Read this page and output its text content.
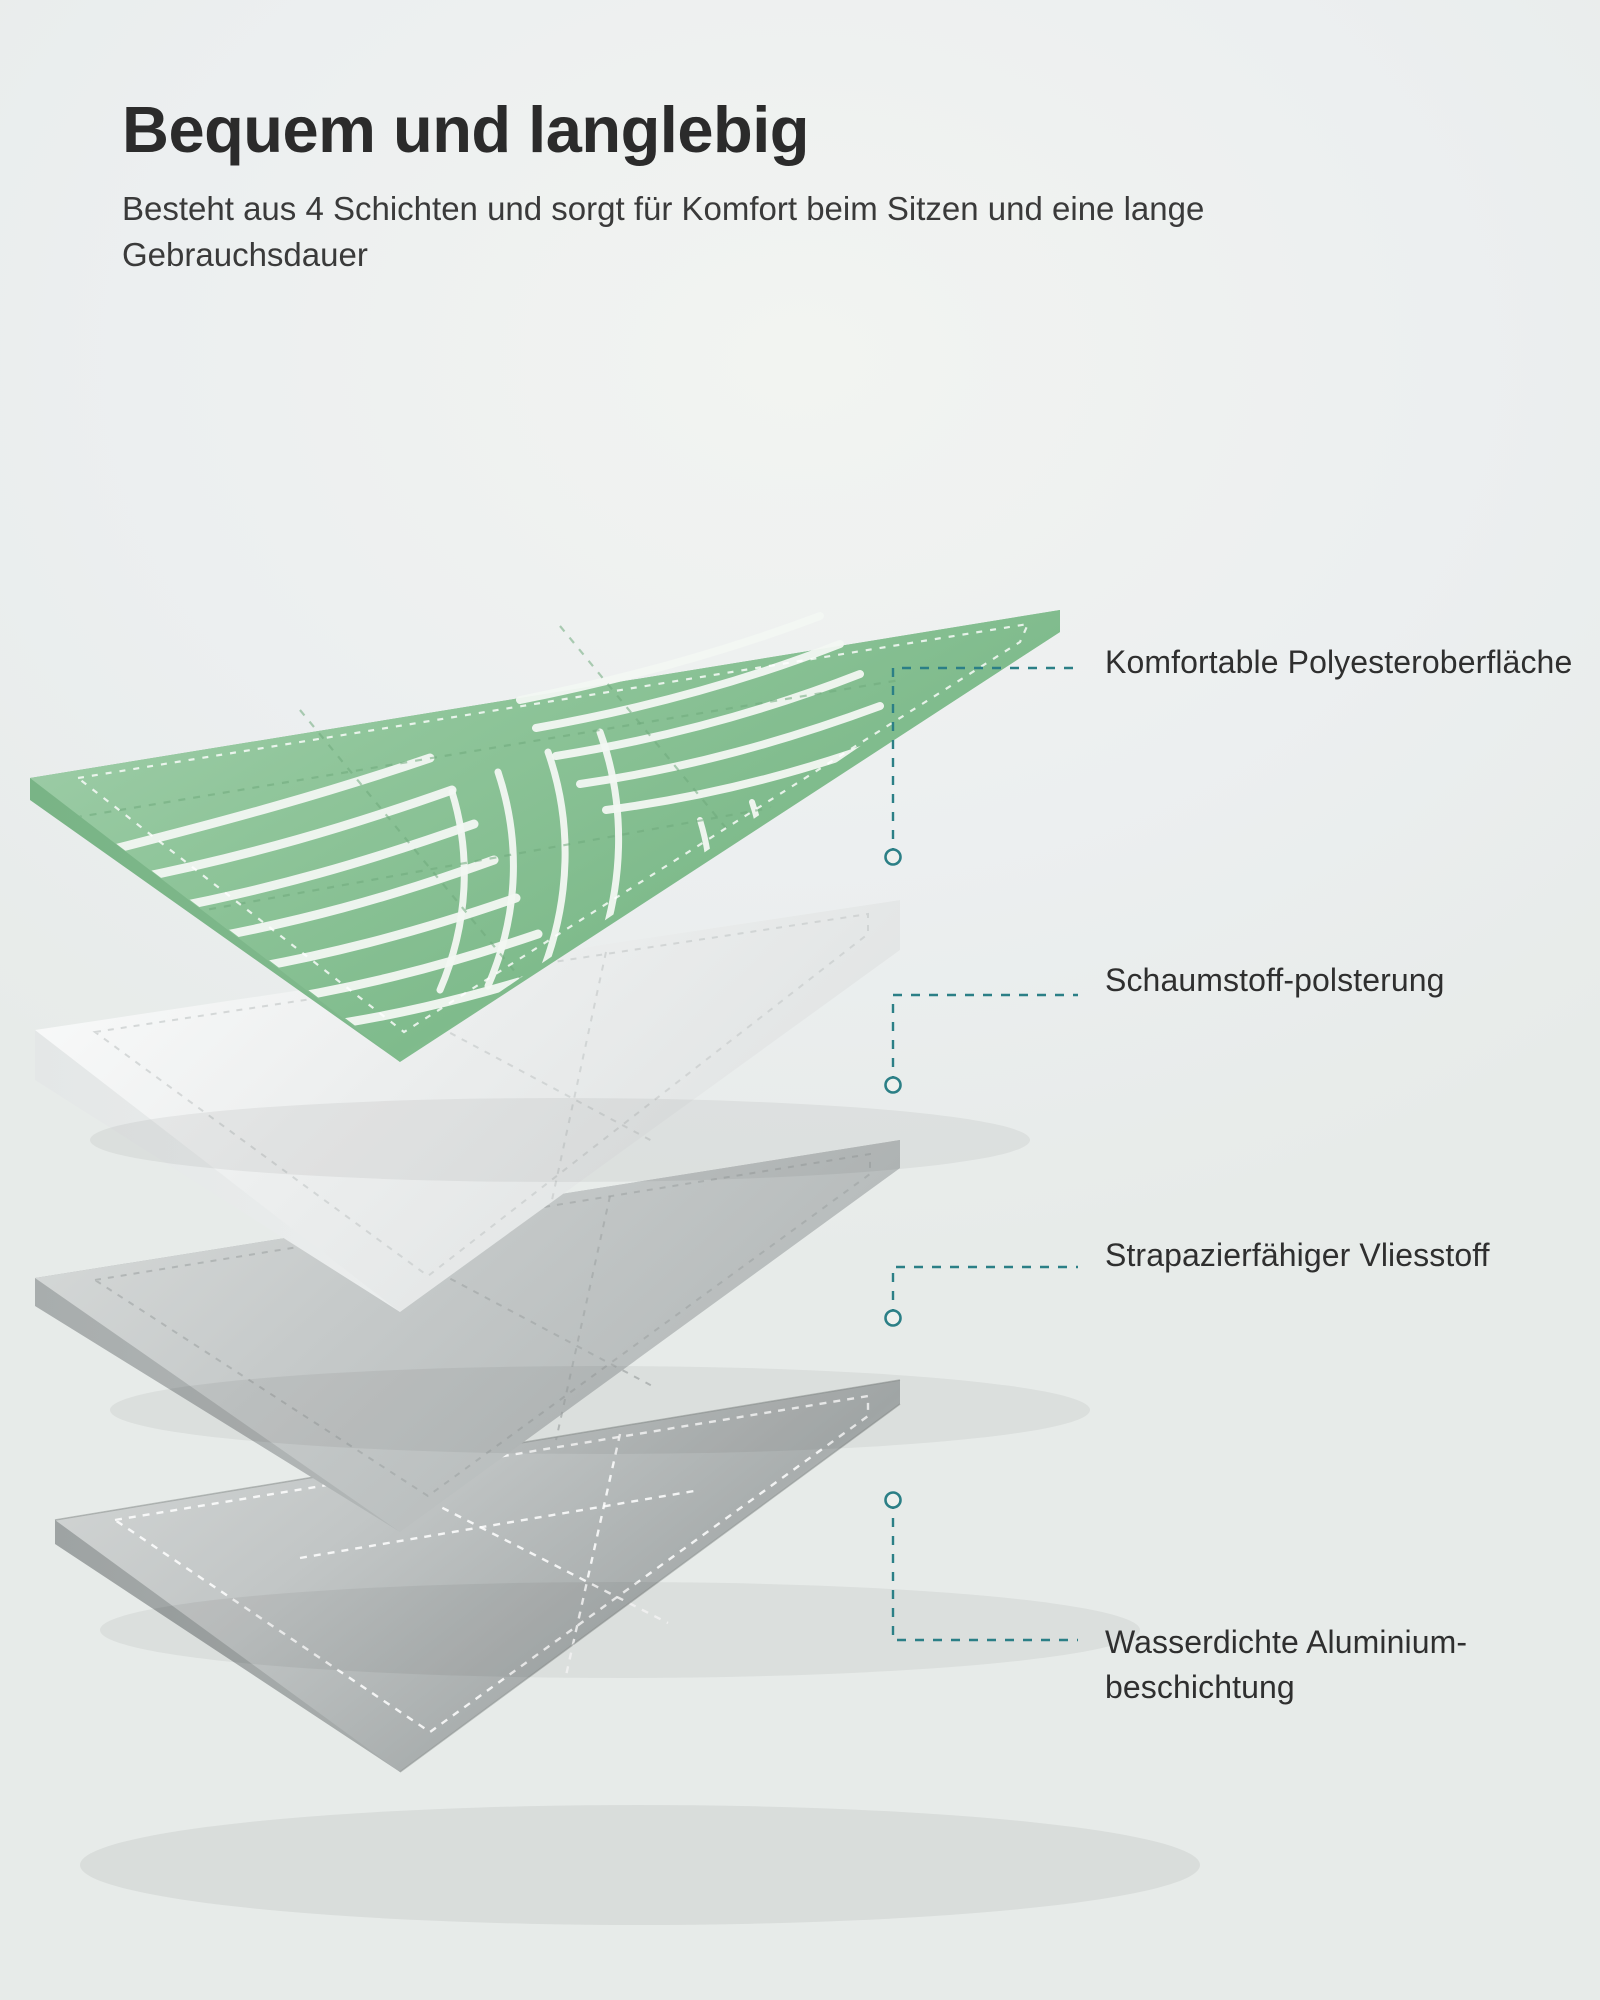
Bequem und langlebig

Besteht aus 4 Schichten und sorgt für Komfort beim Sitzen und eine lange Gebrauchsdauer

Komfortable Polyesteroberfläche
Schaumstoff-polsterung
Strapazierfähiger Vliesstoff
Wasserdichte Aluminium-beschichtung
